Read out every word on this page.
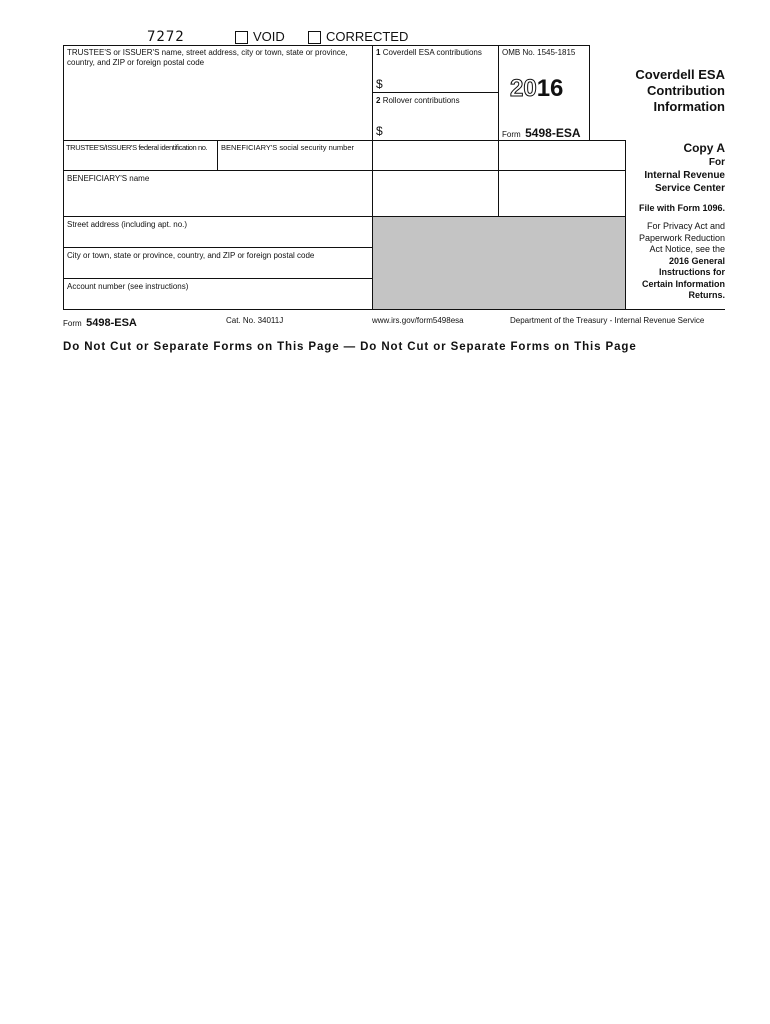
7272	VOID	CORRECTED
TRUSTEE'S or ISSUER'S name, street address, city or town, state or province, country, and ZIP or foreign postal code
1 Coverdell ESA contributions
$
2 Rollover contributions
$
OMB No. 1545-1815
2016
Form 5498-ESA
Coverdell ESA
Contribution
Information
TRUSTEE'S/ISSUER'S federal identification no. BENEFICIARY'S social security number
BENEFICIARY'S name
Street address (including apt. no.)
City or town, state or province, country, and ZIP or foreign postal code
Account number (see instructions)
Copy A
For
Internal Revenue
Service Center
File with Form 1096.
For Privacy Act and
Paperwork Reduction
Act Notice, see the
2016 General
Instructions for
Certain Information
Returns.
Form 5498-ESA	Cat. No. 34011J	www.irs.gov/form5498esa	Department of the Treasury - Internal Revenue Service
Do Not Cut or Separate Forms on This Page — Do Not Cut or Separate Forms on This Page
